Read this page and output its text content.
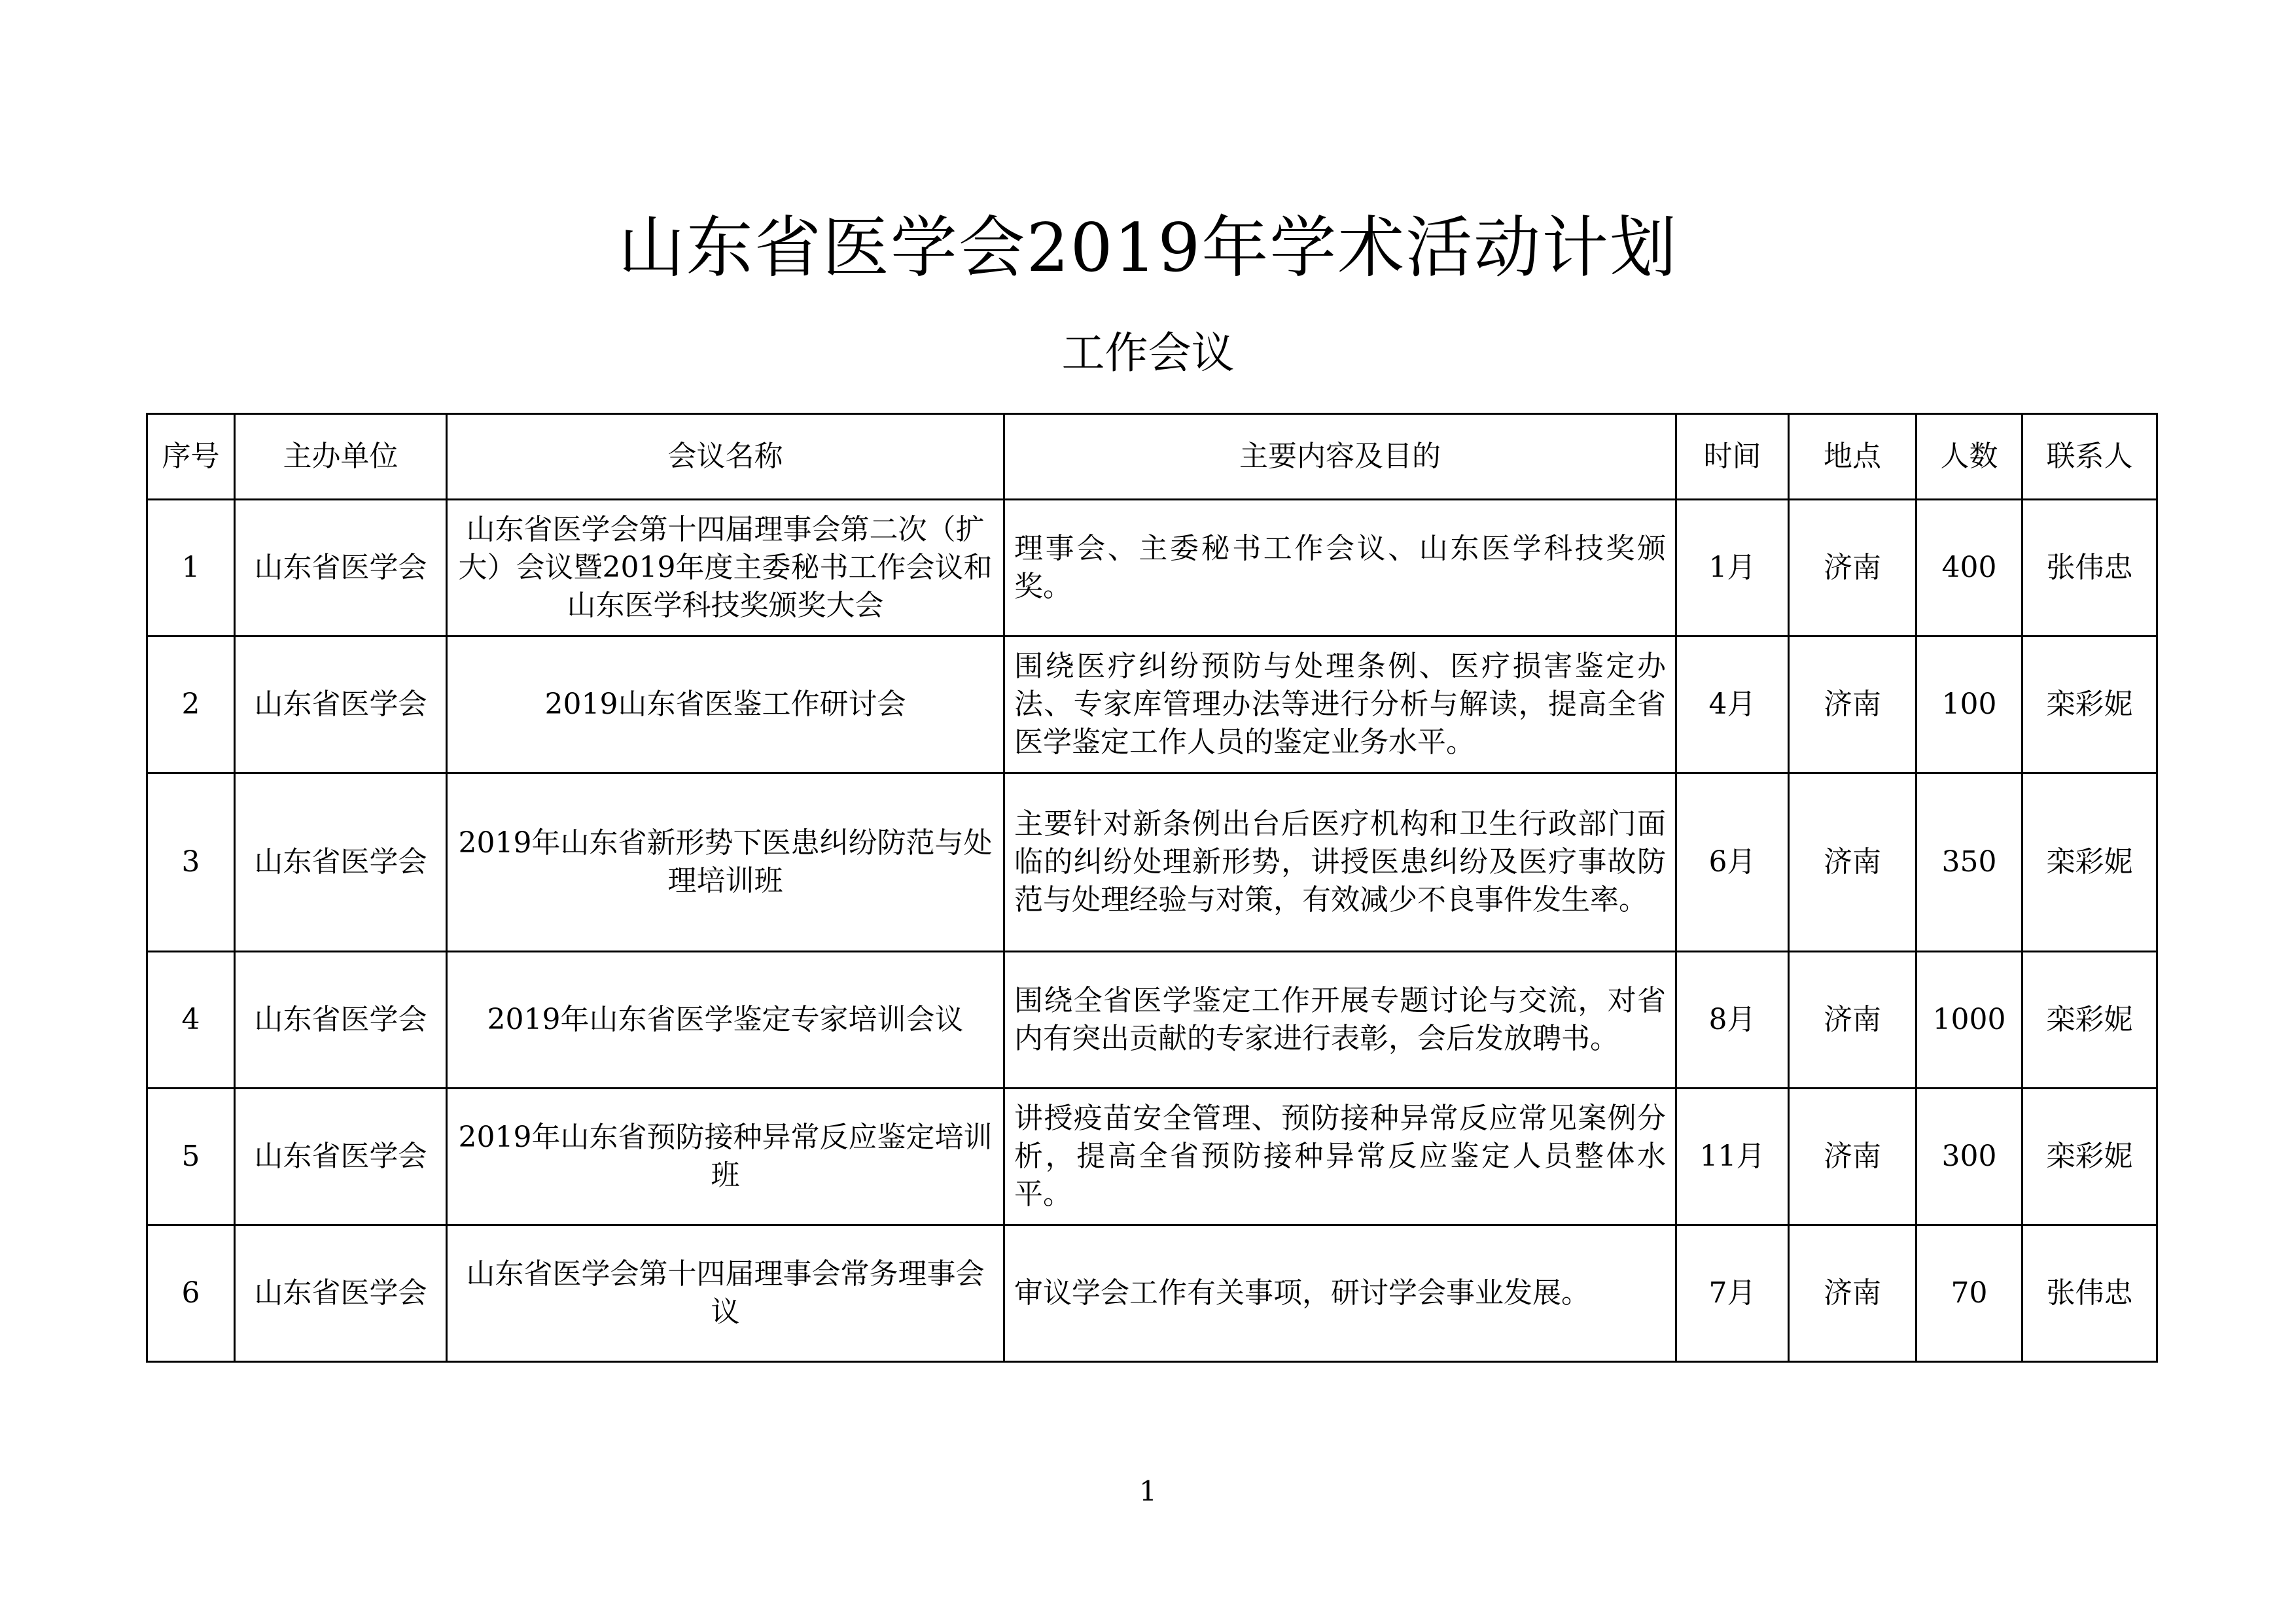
山东省医学会2019年学术活动计划
工作会议
序号	主办单位	会议名称	主要内容及目的	时间	地点	人数	联系人
1	山东省医学会	山东省医学会第十四届理事会第二次（扩大）会议暨2019年度主委秘书工作会议和山东医学科技奖颁奖大会	理事会、主委秘书工作会议、山东医学科技奖颁奖。	1月	济南	400	张伟忠
2	山东省医学会	2019山东省医鉴工作研讨会	围绕医疗纠纷预防与处理条例、医疗损害鉴定办法、专家库管理办法等进行分析与解读，提高全省医学鉴定工作人员的鉴定业务水平。	4月	济南	100	栾彩妮
3	山东省医学会	2019年山东省新形势下医患纠纷防范与处理培训班	主要针对新条例出台后医疗机构和卫生行政部门面临的纠纷处理新形势，讲授医患纠纷及医疗事故防范与处理经验与对策，有效减少不良事件发生率。	6月	济南	350	栾彩妮
4	山东省医学会	2019年山东省医学鉴定专家培训会议	围绕全省医学鉴定工作开展专题讨论与交流，对省内有突出贡献的专家进行表彰，会后发放聘书。	8月	济南	1000	栾彩妮
5	山东省医学会	2019年山东省预防接种异常反应鉴定培训班	讲授疫苗安全管理、预防接种异常反应常见案例分析，提高全省预防接种异常反应鉴定人员整体水平。	11月	济南	300	栾彩妮
6	山东省医学会	山东省医学会第十四届理事会常务理事会议	审议学会工作有关事项，研讨学会事业发展。	7月	济南	70	张伟忠
1
